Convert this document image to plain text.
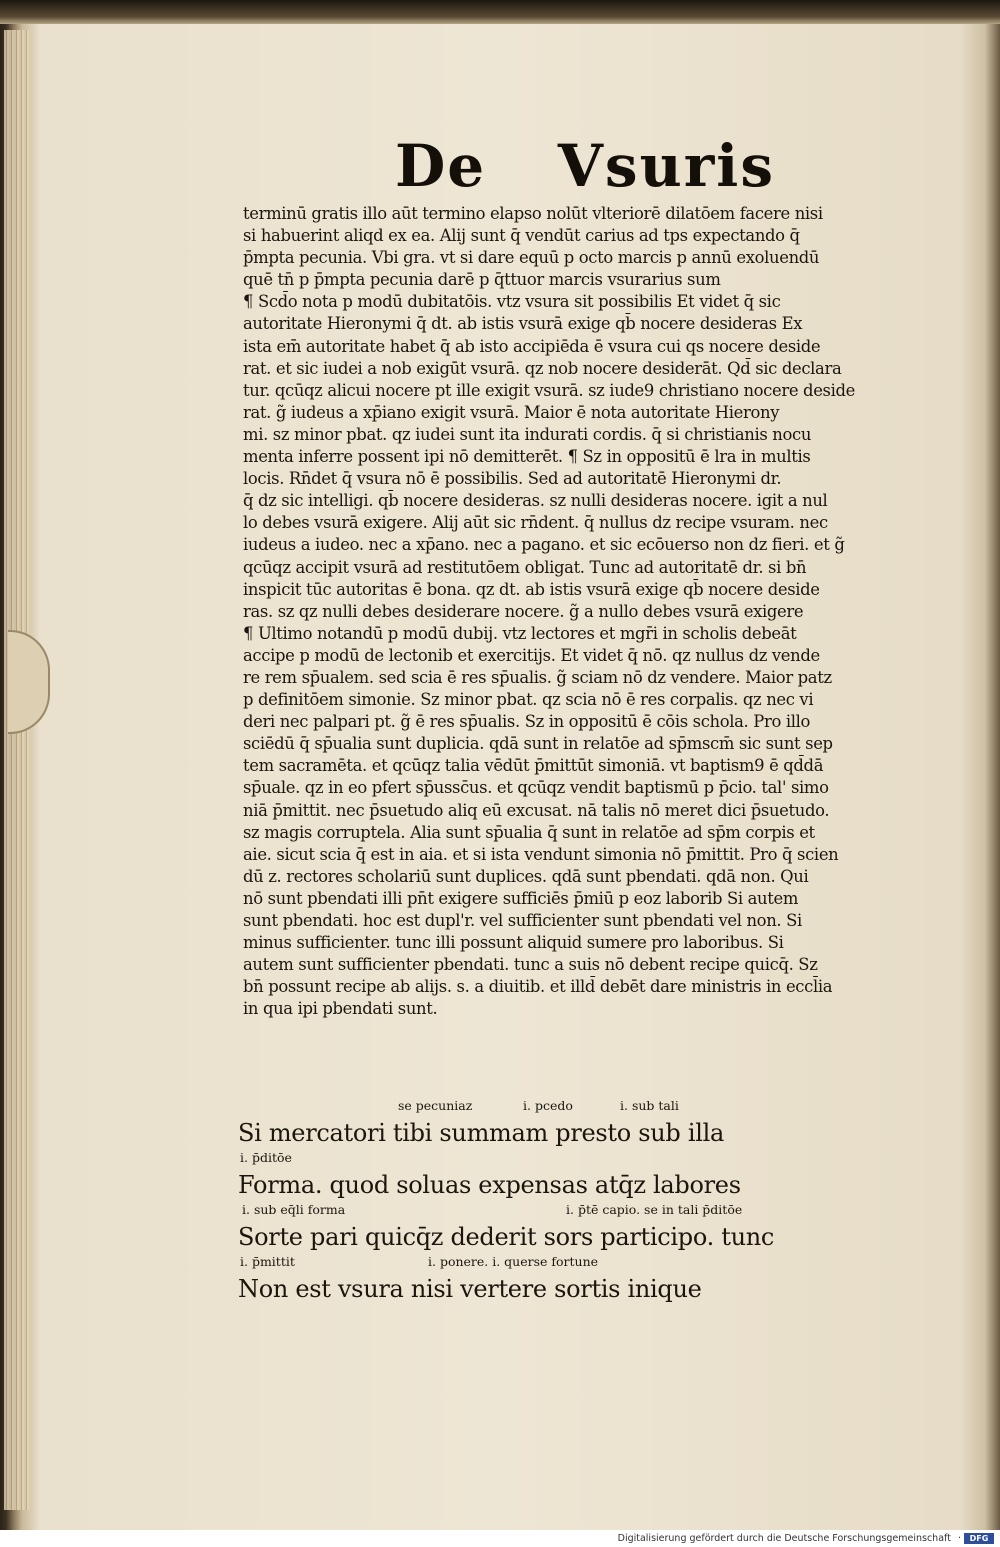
De Vsuris
terminū gratis illo aūt termino elapso nolūt vlteriorē dilatōem facere nisi
si habuerint aliqd ex ea. Alij sunt q̄ vendūt carius ad tps expectando q̄
p̄mpta pecunia. Vbi gra. vt si dare equū p octo marcis p annū exoluendū
quē tn̄ p p̄mpta pecunia darē p q̄ttuor marcis vsurarius sum
¶ Scd̄o nota p modū dubitatōis. vtz vsura sit possibilis Et videt q̄ sic
autoritate Hieronymi q̄ dt. ab istis vsurā exige qb̄ nocere desideras Ex
ista em̄ autoritate habet q̄ ab isto accipiēda ē vsura cui qs nocere deside
rat. et sic iudei a nob exigūt vsurā. qz nob nocere desiderāt. Qd̄ sic declara
tur. qcūqz alicui nocere pt ille exigit vsurā. sz iude9 christiano nocere deside
rat. g̃ iudeus a xp̄iano exigit vsurā. Maior ē nota autoritate Hierony
mi. sz minor pbat. qz iudei sunt ita indurati cordis. q̄ si christianis nocu
menta inferre possent ipi nō demitterēt. ¶ Sz in oppositū ē lra in multis
locis. Rn̄det q̄ vsura nō ē possibilis. Sed ad autoritatē Hieronymi dr.
q̄ dz sic intelligi. qb̄ nocere desideras. sz nulli desideras nocere. igit a nul
lo debes vsurā exigere. Alij aūt sic rn̄dent. q̄ nullus dz recipe vsuram. nec
iudeus a iudeo. nec a xp̄ano. nec a pagano. et sic ecōuerso non dz fieri. et g̃
qcūqz accipit vsurā ad restitutōem obligat. Tunc ad autoritatē dr. si bn̄
inspicit tūc autoritas ē bona. qz dt. ab istis vsurā exige qb̄ nocere deside
ras. sz qz nulli debes desiderare nocere. g̃ a nullo debes vsurā exigere
¶ Ultimo notandū p modū dubij. vtz lectores et mgr̄i in scholis debeāt
accipe p modū de lectonib et exercitijs. Et videt q̄ nō. qz nullus dz vende
re rem sp̄ualem. sed scia ē res sp̄ualis. g̃ sciam nō dz vendere. Maior patz
p definitōem simonie. Sz minor pbat. qz scia nō ē res corpalis. qz nec vi
deri nec palpari pt. g̃ ē res sp̄ualis. Sz in oppositū ē cōis schola. Pro illo
sciēdū q̄ sp̄ualia sunt duplicia. qdā sunt in relatōe ad sp̄mscm̄ sic sunt sep
tem sacramēta. et qcūqz talia vēdūt p̄mittūt simoniā. vt baptism9 ē qd̄dā
sp̄uale. qz in eo pfert sp̄ussc̄us. et qcūqz vendit baptismū p p̄cio. tal' simo
niā p̄mittit. nec p̄suetudo aliq eū excusat. nā talis nō meret dici p̄suetudo.
sz magis corruptela. Alia sunt sp̄ualia q̄ sunt in relatōe ad sp̄m corpis et
aie. sicut scia q̄ est in aia. et si ista vendunt simonia nō p̄mittit. Pro q̄ scien
dū z. rectores scholariū sunt duplices. qdā sunt pbendati. qdā non. Qui
nō sunt pbendati illi pn̄t exigere sufficiēs p̄miū p eoz laborib Si autem
sunt pbendati. hoc est dupl'r. vel sufficienter sunt pbendati vel non. Si
minus sufficienter. tunc illi possunt aliquid sumere pro laboribus. Si
autem sunt sufficienter pbendati. tunc a suis nō debent recipe quicq̄. Sz
bn̄ possunt recipe ab alijs. s. a diuitib. et illd̄ debēt dare ministris in eccl̄ia
in qua ipi pbendati sunt.
se pecuniaz	i. pcedo	i. sub tali
Si mercatori tibi summam presto sub illa
i. p̄ditōe
Forma. quod soluas expensas atq̄z labores
i. sub eq̄li forma	i. p̄tē capio. se in tali p̄ditōe
Sorte pari quicq̄z dederit sors participo. tunc
i. p̄mittit	i. ponere. i. querse fortune
Non est vsura nisi vertere sortis inique
Digitalisierung gefördert durch die Deutsche Forschungsgemeinschaft · DFG
